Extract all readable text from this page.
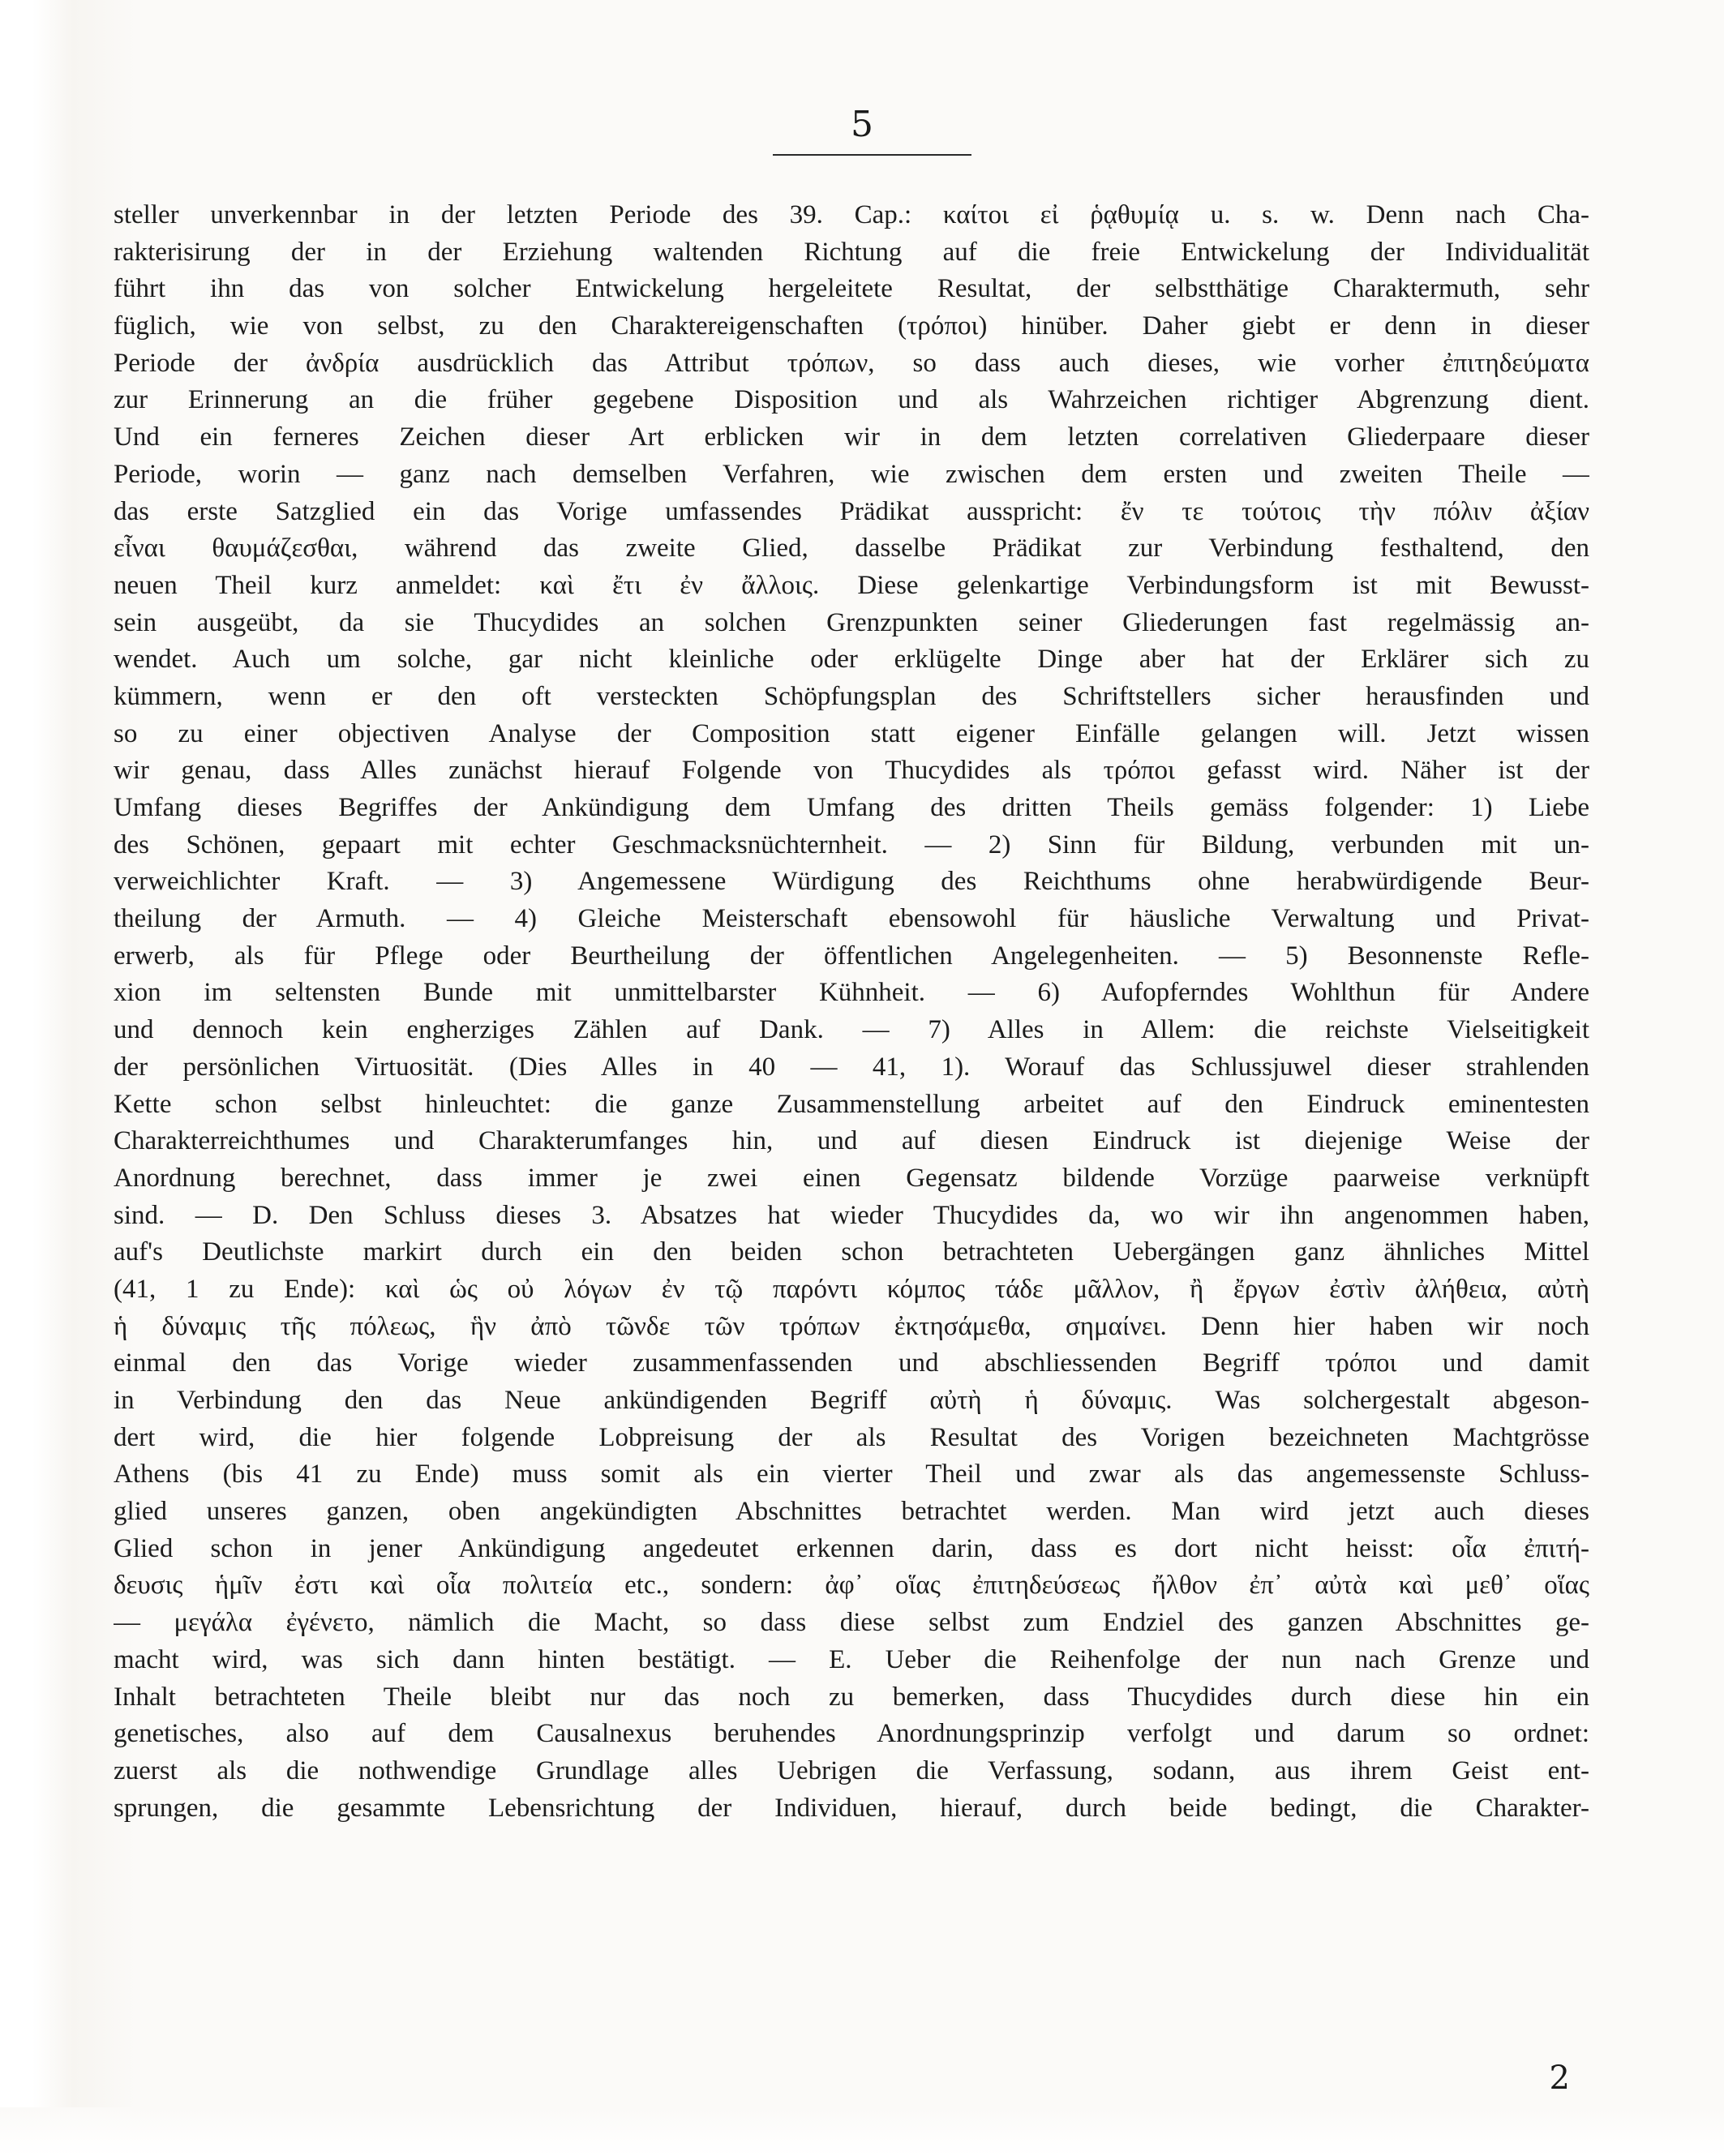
5
steller unverkennbar in der letzten Periode des 39. Cap.: καίτοι εἰ ῥᾳθυμίᾳ u. s. w. Denn nach Cha-
rakterisirung der in der Erziehung waltenden Richtung auf die freie Entwickelung der Individualität
führt ihn das von solcher Entwickelung hergeleitete Resultat, der selbstthätige Charaktermuth, sehr
füglich, wie von selbst, zu den Charaktereigenschaften (τρόποι) hinüber. Daher giebt er denn in dieser
Periode der ἀνδρία ausdrücklich das Attribut τρόπων, so dass auch dieses, wie vorher ἐπιτηδεύματα
zur Erinnerung an die früher gegebene Disposition und als Wahrzeichen richtiger Abgrenzung dient.
Und ein ferneres Zeichen dieser Art erblicken wir in dem letzten correlativen Gliederpaare dieser
Periode, worin — ganz nach demselben Verfahren, wie zwischen dem ersten und zweiten Theile —
das erste Satzglied ein das Vorige umfassendes Prädikat ausspricht: ἔν τε τούτοις τὴν πόλιν ἀξίαν
εἶναι θαυμάζεσθαι, während das zweite Glied, dasselbe Prädikat zur Verbindung festhaltend, den
neuen Theil kurz anmeldet: καὶ ἔτι ἐν ἄλλοις. Diese gelenkartige Verbindungsform ist mit Bewusst-
sein ausgeübt, da sie Thucydides an solchen Grenzpunkten seiner Gliederungen fast regelmässig an-
wendet. Auch um solche, gar nicht kleinliche oder erklügelte Dinge aber hat der Erklärer sich zu
kümmern, wenn er den oft versteckten Schöpfungsplan des Schriftstellers sicher herausfinden und
so zu einer objectiven Analyse der Composition statt eigener Einfälle gelangen will. Jetzt wissen
wir genau, dass Alles zunächst hierauf Folgende von Thucydides als τρόποι gefasst wird. Näher ist der
Umfang dieses Begriffes der Ankündigung dem Umfang des dritten Theils gemäss folgender: 1) Liebe
des Schönen, gepaart mit echter Geschmacksnüchternheit. — 2) Sinn für Bildung, verbunden mit un-
verweichlichter Kraft. — 3) Angemessene Würdigung des Reichthums ohne herabwürdigende Beur-
theilung der Armuth. — 4) Gleiche Meisterschaft ebensowohl für häusliche Verwaltung und Privat-
erwerb, als für Pflege oder Beurtheilung der öffentlichen Angelegenheiten. — 5) Besonnenste Refle-
xion im seltensten Bunde mit unmittelbarster Kühnheit. — 6) Aufopferndes Wohlthun für Andere
und dennoch kein engherziges Zählen auf Dank. — 7) Alles in Allem: die reichste Vielseitigkeit
der persönlichen Virtuosität. (Dies Alles in 40 — 41, 1). Worauf das Schlussjuwel dieser strahlenden
Kette schon selbst hinleuchtet: die ganze Zusammenstellung arbeitet auf den Eindruck eminentesten
Charakterreichthumes und Charakterumfanges hin, und auf diesen Eindruck ist diejenige Weise der
Anordnung berechnet, dass immer je zwei einen Gegensatz bildende Vorzüge paarweise verknüpft
sind. — D. Den Schluss dieses 3. Absatzes hat wieder Thucydides da, wo wir ihn angenommen haben,
auf's Deutlichste markirt durch ein den beiden schon betrachteten Uebergängen ganz ähnliches Mittel
(41, 1 zu Ende): καὶ ὡς οὐ λόγων ἐν τῷ παρόντι κόμπος τάδε μᾶλλον, ἢ ἔργων ἐστὶν ἀλήθεια, αὐτὴ
ἡ δύναμις τῆς πόλεως, ἣν ἀπὸ τῶνδε τῶν τρόπων ἐκτησάμεθα, σημαίνει. Denn hier haben wir noch
einmal den das Vorige wieder zusammenfassenden und abschliessenden Begriff τρόποι und damit
in Verbindung den das Neue ankündigenden Begriff αὐτὴ ἡ δύναμις. Was solchergestalt abgeson-
dert wird, die hier folgende Lobpreisung der als Resultat des Vorigen bezeichneten Machtgrösse
Athens (bis 41 zu Ende) muss somit als ein vierter Theil und zwar als das angemessenste Schluss-
glied unseres ganzen, oben angekündigten Abschnittes betrachtet werden. Man wird jetzt auch dieses
Glied schon in jener Ankündigung angedeutet erkennen darin, dass es dort nicht heisst: οἷα ἐπιτή-
δευσις ἡμῖν ἐστι καὶ οἷα πολιτεία etc., sondern: ἀφ᾽ οἵας ἐπιτηδεύσεως ἤλθον ἐπ᾽ αὐτὰ καὶ μεθ᾽ οἵας
— μεγάλα ἐγένετο, nämlich die Macht, so dass diese selbst zum Endziel des ganzen Abschnittes ge-
macht wird, was sich dann hinten bestätigt. — E. Ueber die Reihenfolge der nun nach Grenze und
Inhalt betrachteten Theile bleibt nur das noch zu bemerken, dass Thucydides durch diese hin ein
genetisches, also auf dem Causalnexus beruhendes Anordnungsprinzip verfolgt und darum so ordnet:
zuerst als die nothwendige Grundlage alles Uebrigen die Verfassung, sodann, aus ihrem Geist ent-
sprungen, die gesammte Lebensrichtung der Individuen, hierauf, durch beide bedingt, die Charakter-
2
